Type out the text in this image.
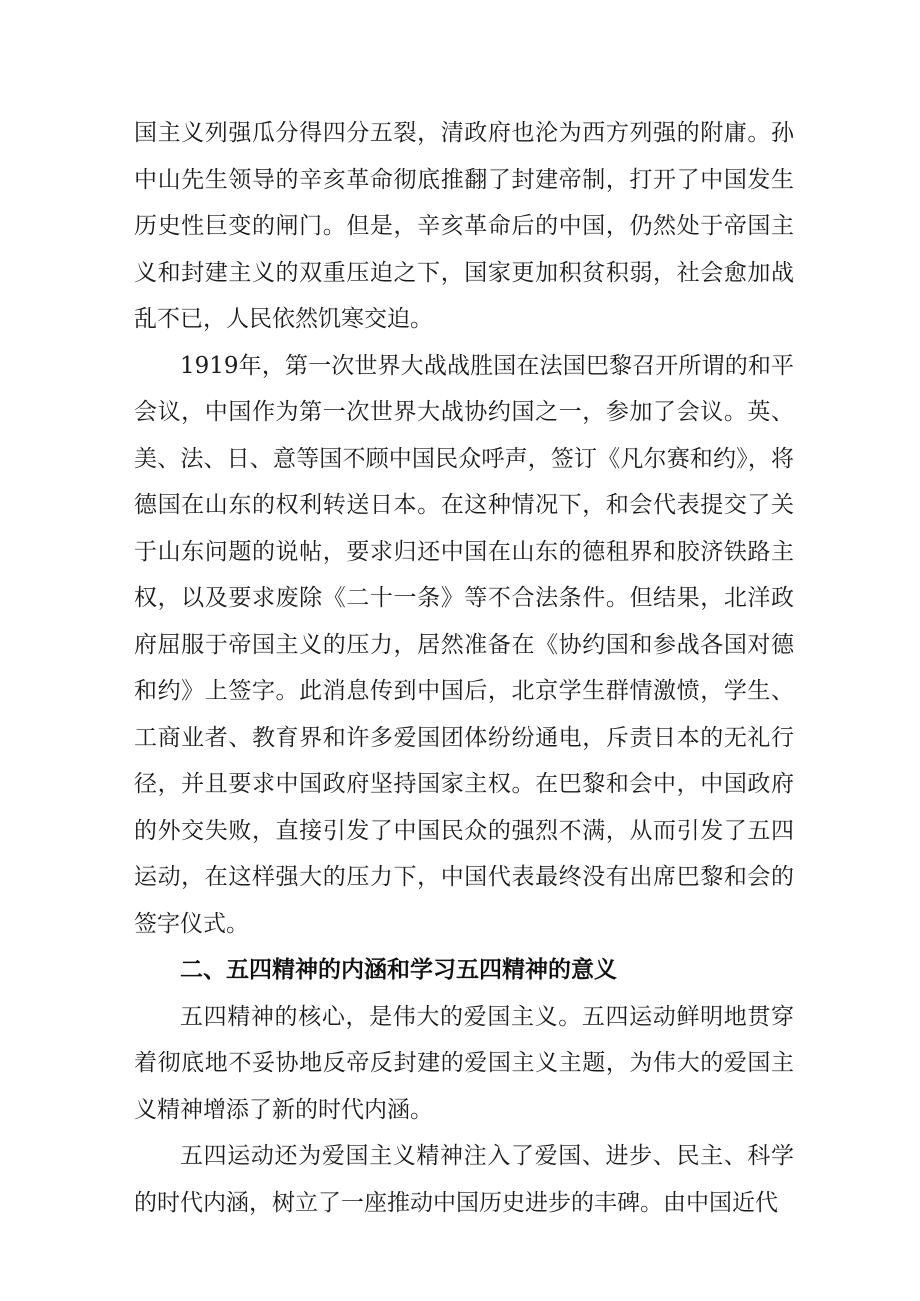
国主义列强瓜分得四分五裂，清政府也沦为西方列强的附庸。孙中山先生领导的辛亥革命彻底推翻了封建帝制，打开了中国发生历史性巨变的闸门。但是，辛亥革命后的中国，仍然处于帝国主义和封建主义的双重压迫之下，国家更加积贫积弱，社会愈加战乱不已，人民依然饥寒交迫。

1919年，第一次世界大战战胜国在法国巴黎召开所谓的和平会议，中国作为第一次世界大战协约国之一，参加了会议。英、美、法、日、意等国不顾中国民众呼声，签订《凡尔赛和约》，将德国在山东的权利转送日本。在这种情况下，和会代表提交了关于山东问题的说帖，要求归还中国在山东的德租界和胶济铁路主权，以及要求废除《二十一条》等不合法条件。但结果，北洋政府屈服于帝国主义的压力，居然准备在《协约国和参战各国对德和约》上签字。此消息传到中国后，北京学生群情激愤，学生、工商业者、教育界和许多爱国团体纷纷通电，斥责日本的无礼行径，并且要求中国政府坚持国家主权。在巴黎和会中，中国政府的外交失败，直接引发了中国民众的强烈不满，从而引发了五四运动，在这样强大的压力下，中国代表最终没有出席巴黎和会的签字仪式。

二、五四精神的内涵和学习五四精神的意义

五四精神的核心，是伟大的爱国主义。五四运动鲜明地贯穿着彻底地不妥协地反帝反封建的爱国主义主题，为伟大的爱国主义精神增添了新的时代内涵。

五四运动还为爱国主义精神注入了爱国、进步、民主、科学的时代内涵，树立了一座推动中国历史进步的丰碑。由中国近代
